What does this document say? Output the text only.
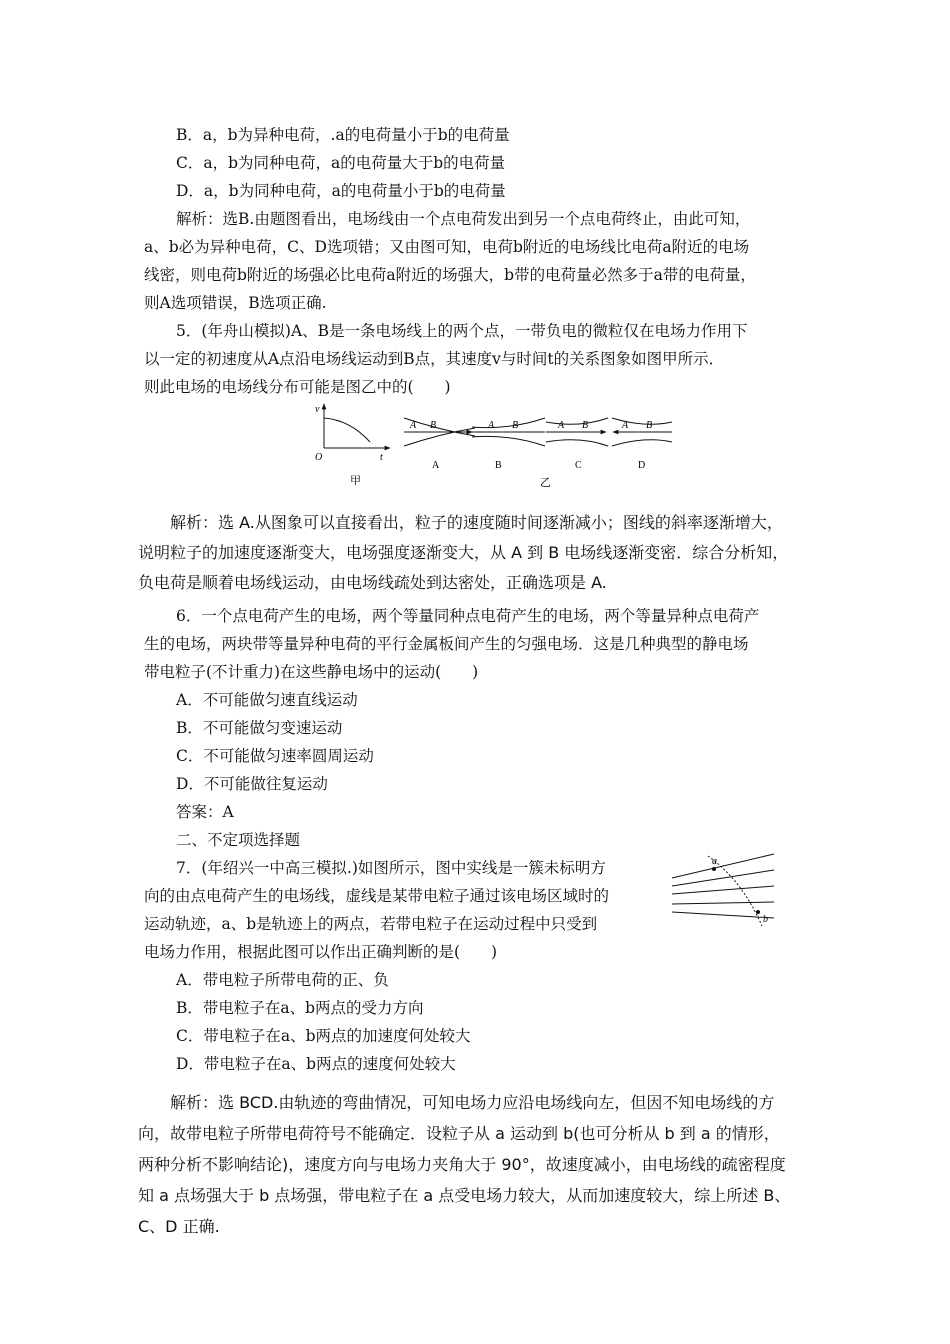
B．a，b为异种电荷，.a的电荷量小于b的电荷量
C．a，b为同种电荷，a的电荷量大于b的电荷量
D．a，b为同种电荷，a的电荷量小于b的电荷量
解析：选B.由题图看出，电场线由一个点电荷发出到另一个点电荷终止，由此可知，
a、b必为异种电荷，C、D选项错；又由图可知，电荷b附近的电场线比电荷a附近的电场
线密，则电荷b附近的场强必比电荷a附近的场强大，b带的电荷量必然多于a带的电荷量，
则A选项错误，B选项正确.
5．(年舟山模拟)A、B是一条电场线上的两个点，一带负电的微粒仅在电场力作用下
以一定的初速度从A点沿电场线运动到B点，其速度v与时间t的关系图象如图甲所示．
则此电场的电场线分布可能是图乙中的(　　)
v
t
O
甲
A B
A
A B
B
A B
C
A B
D
乙
解析：选 A.从图象可以直接看出，粒子的速度随时间逐渐减小；图线的斜率逐渐增大，
说明粒子的加速度逐渐变大，电场强度逐渐变大，从 A 到 B 电场线逐渐变密．综合分析知，
负电荷是顺着电场线运动，由电场线疏处到达密处，正确选项是 A.
6．一个点电荷产生的电场，两个等量同种点电荷产生的电场，两个等量异种点电荷产
生的电场，两块带等量异种电荷的平行金属板间产生的匀强电场．这是几种典型的静电场
带电粒子(不计重力)在这些静电场中的运动(　　)
A．不可能做匀速直线运动
B．不可能做匀变速运动
C．不可能做匀速率圆周运动
D．不可能做往复运动
答案：A
二、不定项选择题
7．(年绍兴一中高三模拟.)如图所示，图中实线是一簇未标明方
向的由点电荷产生的电场线，虚线是某带电粒子通过该电场区域时的
运动轨迹，a、b是轨迹上的两点，若带电粒子在运动过程中只受到
电场力作用，根据此图可以作出正确判断的是(　　)
a
b
A．带电粒子所带电荷的正、负
B．带电粒子在a、b两点的受力方向
C．带电粒子在a、b两点的加速度何处较大
D．带电粒子在a、b两点的速度何处较大
解析：选 BCD.由轨迹的弯曲情况，可知电场力应沿电场线向左，但因不知电场线的方
向，故带电粒子所带电荷符号不能确定．设粒子从 a 运动到 b(也可分析从 b 到 a 的情形，
两种分析不影响结论)，速度方向与电场力夹角大于 90°，故速度减小，由电场线的疏密程度
知 a 点场强大于 b 点场强，带电粒子在 a 点受电场力较大，从而加速度较大，综上所述 B、
C、D 正确.
